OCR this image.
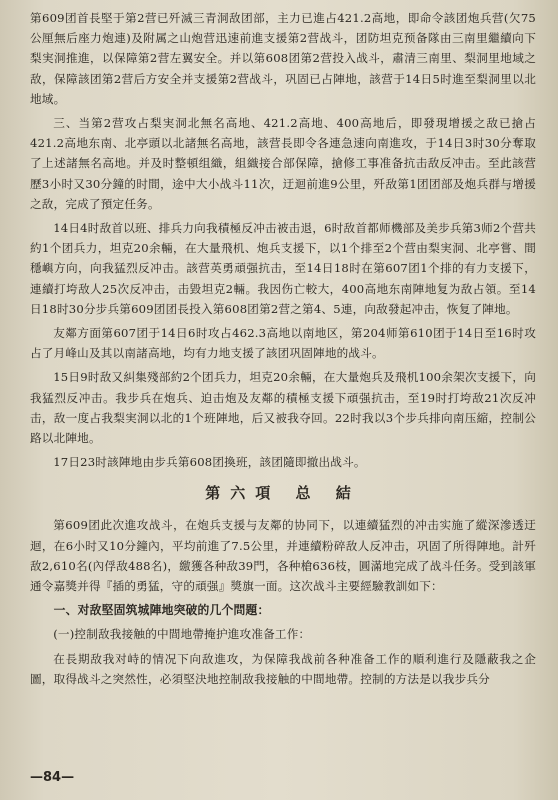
第609团首長堅于第2营已歼滅三青洞敌团部，主力已進占421.2高地，即命令該团炮兵营(欠75公厘無后座力炮連)及附属之山炮营迅速前進支援第2营战斗，团防坦克预备隊由三南里繼續向下梨実洞推進，以保障第2营左翼安全。并以第608团第2营投入战斗，肅清三南里、梨洞里地域之敌，保障該团第2营后方安全并支援第2营战斗，巩固已占陣地，該营于14日5时進至梨洞里以北地域。

三、当第2营攻占梨実洞北無名高地、421.2高地、400高地后，即發現增援之敌已搶占421.2高地东南、北亭頭以北諸無名高地，該营長即令各連急速向南進攻，于14日3时30分奪取了上述諸無名高地。并及时整頓组織，組織接合部保障，搶修工事准备抗击敌反冲击。至此該营歷3小时又30分鐘的时間，途中大小战斗11次，迂迴前進9公里，歼敌第1团团部及炮兵群与增援之敌，完成了預定任务。

14日4时敌首以班、排兵力向我積極反冲击被击退，6时敌首都师機部及美步兵第3师2个营共約1个团兵力，坦克20余輛，在大量飛机、炮兵支援下，以1个排至2个营由梨実洞、北亭嘗、間穩嶼方向，向我猛烈反冲击。該营英勇頑强抗击，至14日18时在第607团1个排的有力支援下，連續打垮敌人25次反冲击，击毀坦克2輛。我因伤亡較大，400高地东南陣地复为敌占領。至14日18时30分步兵第609团团長投入第608团第2营之第4、5連，向敌發起冲击，恢复了陣地。

友鄰方面第607团于14日6时攻占462.3高地以南地区，第204师第610团于14日至16时攻占了月峰山及其以南諸高地，均有力地支援了該团巩固陣地的战斗。

15日9时敌又糾集殘部約2个团兵力，坦克20余輛，在大量炮兵及飛机100余架次支援下，向我猛烈反冲击。我步兵在炮兵、迫击炮及友鄰的積極支援下頑强抗击，至19时打垮敌21次反冲击，敌一度占我梨実洞以北的1个班陣地，后又被我夺回。22时我以3个步兵排向南压縮，控制公路以北陣地。

17日23时該陣地由步兵第608团換班，該团隨即撤出战斗。

第六項 总 結

第609团此次進攻战斗，在炮兵支援与友鄰的协同下，以連續猛烈的冲击实施了縱深滲透迂迴，在6小时又10分鐘內，平均前進了7.5公里，并連續粉碎敌人反冲击，巩固了所得陣地。計歼敌2,610名(內俘敌488名)，繳獲各种敌39門，各种槍636枝，圓滿地完成了战斗任务。受到該軍通令嘉獎并得『插的勇猛，守的頑强』獎旗一面。这次战斗主要經驗教訓如下：

一、对敌堅固筑城陣地突破的几个問題：

(一)控制敌我接触的中間地帶掩护進攻准备工作：

在長期敌我对峙的情况下向敌進攻，为保障我战前各种准备工作的順利進行及隱蔽我之企圖，取得战斗之突然性，必須堅決地控制敌我接触的中間地帶。控制的方法是以我步兵分

—84—
